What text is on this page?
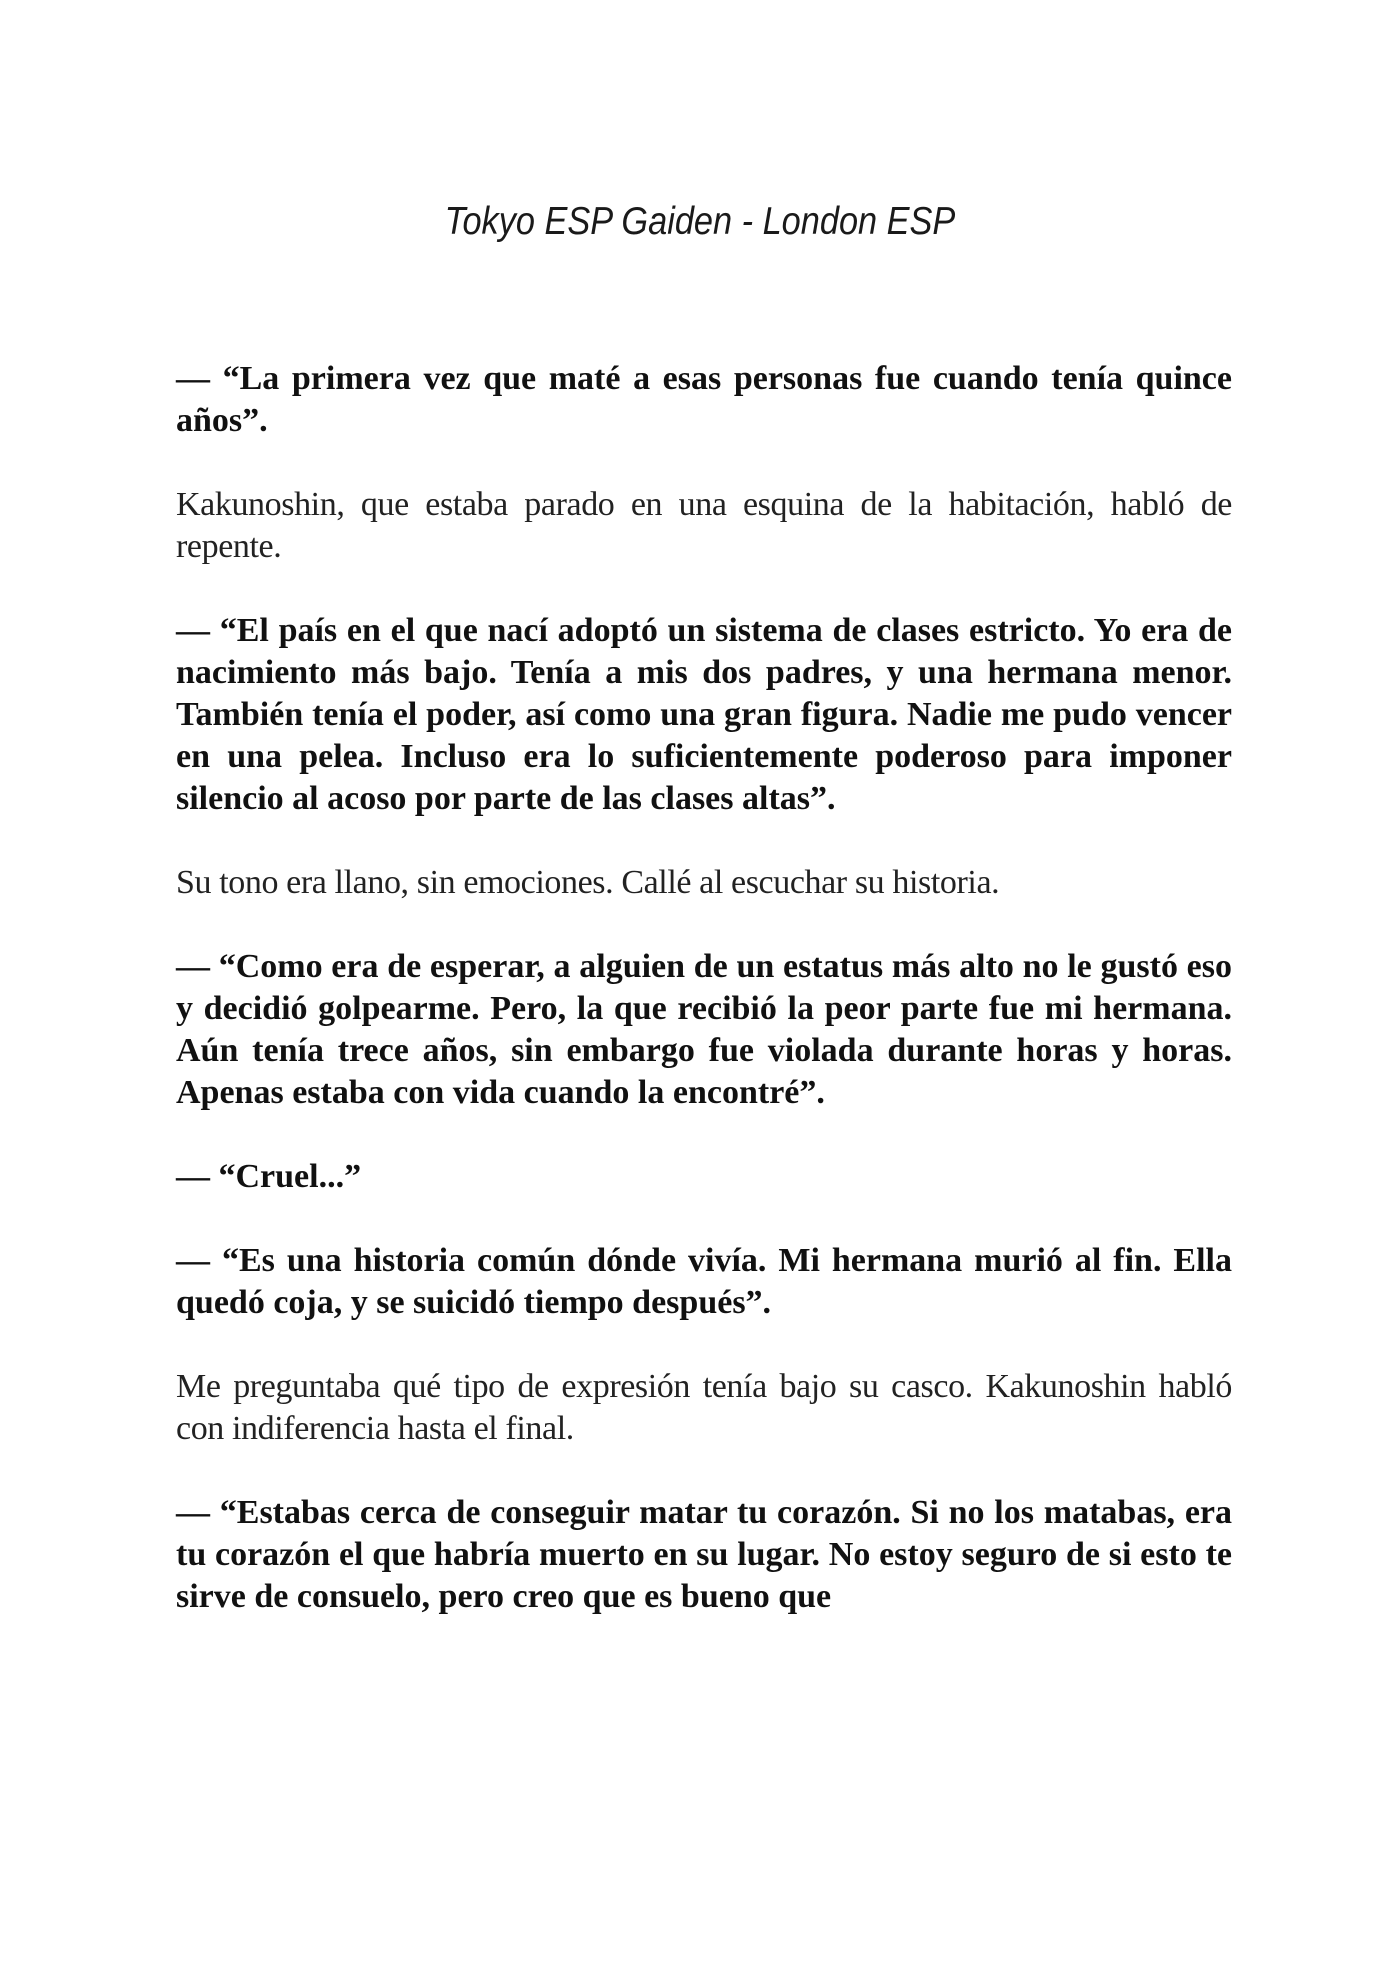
Tokyo ESP Gaiden - London ESP

— “La primera vez que maté a esas personas fue cuando tenía quince años”.

Kakunoshin, que estaba parado en una esquina de la habitación, habló de repente.

— “El país en el que nací adoptó un sistema de clases estricto. Yo era de nacimiento más bajo. Tenía a mis dos padres, y una hermana menor. También tenía el poder, así como una gran figura. Nadie me pudo vencer en una pelea. Incluso era lo suficientemente poderoso para imponer silencio al acoso por parte de las clases altas”.

Su tono era llano, sin emociones. Callé al escuchar su historia.

— “Como era de esperar, a alguien de un estatus más alto no le gustó eso y decidió golpearme. Pero, la que recibió la peor parte fue mi hermana. Aún tenía trece años, sin embargo fue violada durante horas y horas. Apenas estaba con vida cuando la encontré”.

— “Cruel...”

— “Es una historia común dónde vivía. Mi hermana murió al fin. Ella quedó coja, y se suicidó tiempo después”.

Me preguntaba qué tipo de expresión tenía bajo su casco. Kakunoshin habló con indiferencia hasta el final.

— “Estabas cerca de conseguir matar tu corazón. Si no los matabas, era tu corazón el que habría muerto en su lugar. No estoy seguro de si esto te sirve de consuelo, pero creo que es bueno que
